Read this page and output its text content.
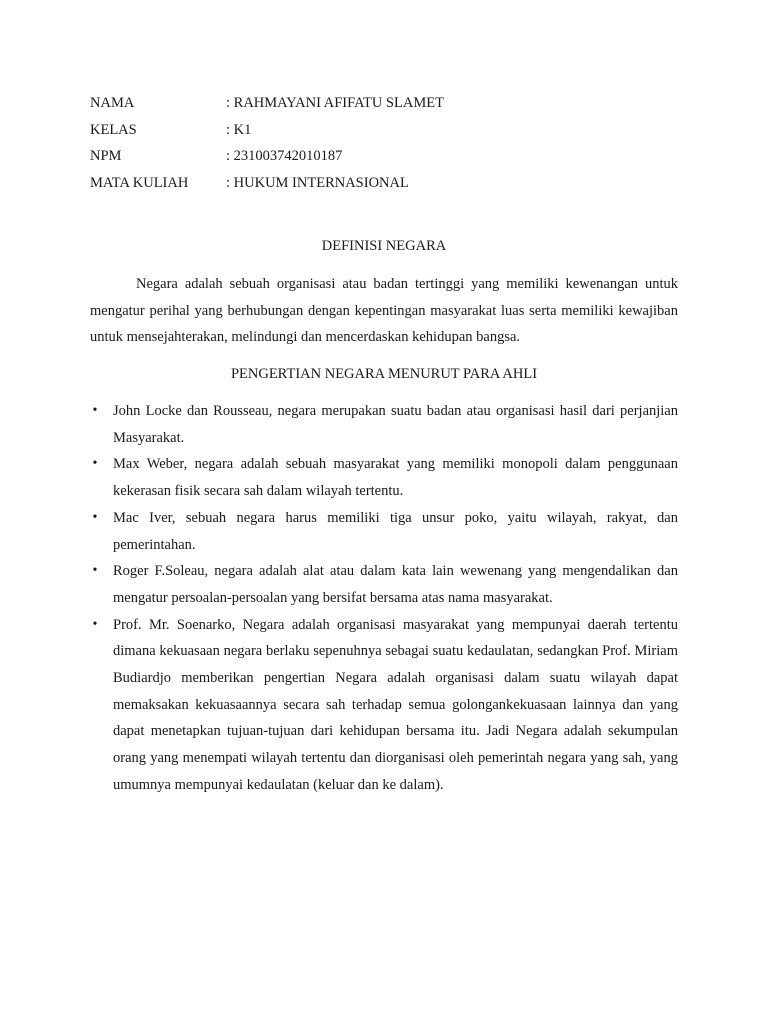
NAMA	: RAHMAYANI AFIFATU SLAMET
KELAS	: K1
NPM	: 231003742010187
MATA KULIAH	: HUKUM INTERNASIONAL
DEFINISI NEGARA

Negara adalah sebuah organisasi atau badan tertinggi yang memiliki kewenangan untuk mengatur perihal yang berhubungan dengan kepentingan masyarakat luas serta memiliki kewajiban untuk mensejahterakan, melindungi dan mencerdaskan kehidupan bangsa.

PENGERTIAN NEGARA MENURUT PARA AHLI
• John Locke dan Rousseau, negara merupakan suatu badan atau organisasi hasil dari perjanjian Masyarakat.
• Max Weber, negara adalah sebuah masyarakat yang memiliki monopoli dalam penggunaan kekerasan fisik secara sah dalam wilayah tertentu.
• Mac Iver, sebuah negara harus memiliki tiga unsur poko, yaitu wilayah, rakyat, dan pemerintahan.
• Roger F.Soleau, negara adalah alat atau dalam kata lain wewenang yang mengendalikan dan mengatur persoalan-persoalan yang bersifat bersama atas nama masyarakat.
• Prof. Mr. Soenarko, Negara adalah organisasi masyarakat yang mempunyai daerah tertentu dimana kekuasaan negara berlaku sepenuhnya sebagai suatu kedaulatan, sedangkan Prof. Miriam Budiardjo memberikan pengertian Negara adalah organisasi dalam suatu wilayah dapat memaksakan kekuasaannya secara sah terhadap semua golongankekuasaan lainnya dan yang dapat menetapkan tujuan-tujuan dari kehidupan bersama itu. Jadi Negara adalah sekumpulan orang yang menempati wilayah tertentu dan diorganisasi oleh pemerintah negara yang sah, yang umumnya mempunyai kedaulatan (keluar dan ke dalam).
